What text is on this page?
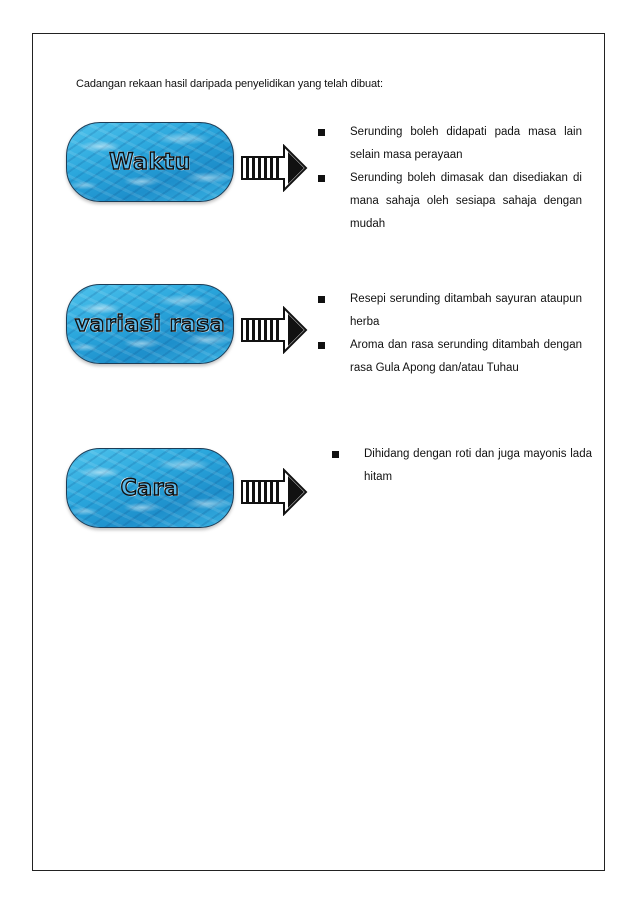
Cadangan rekaan hasil daripada penyelidikan yang telah dibuat:
Waktu
Serunding boleh didapati pada masa lain selain masa perayaan
Serunding boleh dimasak dan disediakan di mana sahaja oleh sesiapa sahaja dengan mudah
variasi rasa
Resepi serunding ditambah sayuran ataupun herba
Aroma dan rasa serunding ditambah dengan rasa Gula Apong dan/atau Tuhau
Cara
Dihidang dengan roti dan juga mayonis lada hitam
